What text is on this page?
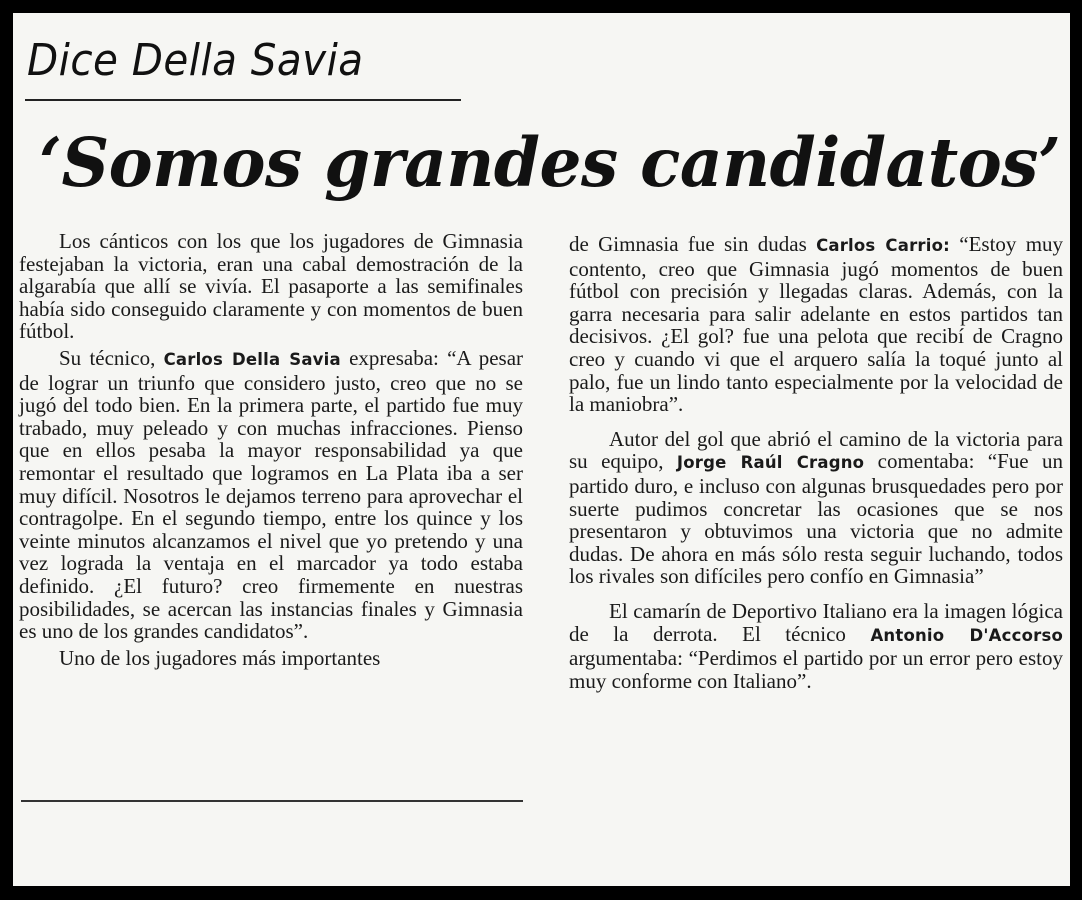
Dice Della Savia
‘Somos grandes candidatos’

Los cánticos con los que los jugadores de Gimnasia festejaban la victoria, eran una cabal demostración de la algarabía que allí se vivía. El pasaporte a las semifinales había sido conseguido claramente y con momentos de buen fútbol.

Su técnico, Carlos Della Savia expresaba: “A pesar de lograr un triunfo que considero justo, creo que no se jugó del todo bien. En la primera parte, el partido fue muy trabado, muy peleado y con muchas infracciones. Pienso que en ellos pesaba la mayor responsabilidad ya que remontar el resultado que logramos en La Plata iba a ser muy difícil. Nosotros le dejamos terreno para aprovechar el contragolpe. En el segundo tiempo, entre los quince y los veinte minutos alcanzamos el nivel que yo pretendo y una vez lograda la ventaja en el marcador ya todo estaba definido. ¿El futuro? creo firmemente en nuestras posibilidades, se acercan las instancias finales y Gimnasia es uno de los grandes candidatos”.

Uno de los jugadores más importantes

de Gimnasia fue sin dudas Carlos Carrio: “Estoy muy contento, creo que Gimnasia jugó momentos de buen fútbol con precisión y llegadas claras. Además, con la garra necesaria para salir adelante en estos partidos tan decisivos. ¿El gol? fue una pelota que recibí de Cragno creo y cuando vi que el arquero salía la toqué junto al palo, fue un lindo tanto especialmente por la velocidad de la maniobra”.

Autor del gol que abrió el camino de la victoria para su equipo, Jorge Raúl Cragno comentaba: “Fue un partido duro, e incluso con algunas brusquedades pero por suerte pudimos concretar las ocasiones que se nos presentaron y obtuvimos una victoria que no admite dudas. De ahora en más sólo resta seguir luchando, todos los rivales son difíciles pero confío en Gimnasia”

El camarín de Deportivo Italiano era la imagen lógica de la derrota. El técnico Antonio D'Accorso argumentaba: “Perdimos el partido por un error pero estoy muy conforme con Italiano”.
